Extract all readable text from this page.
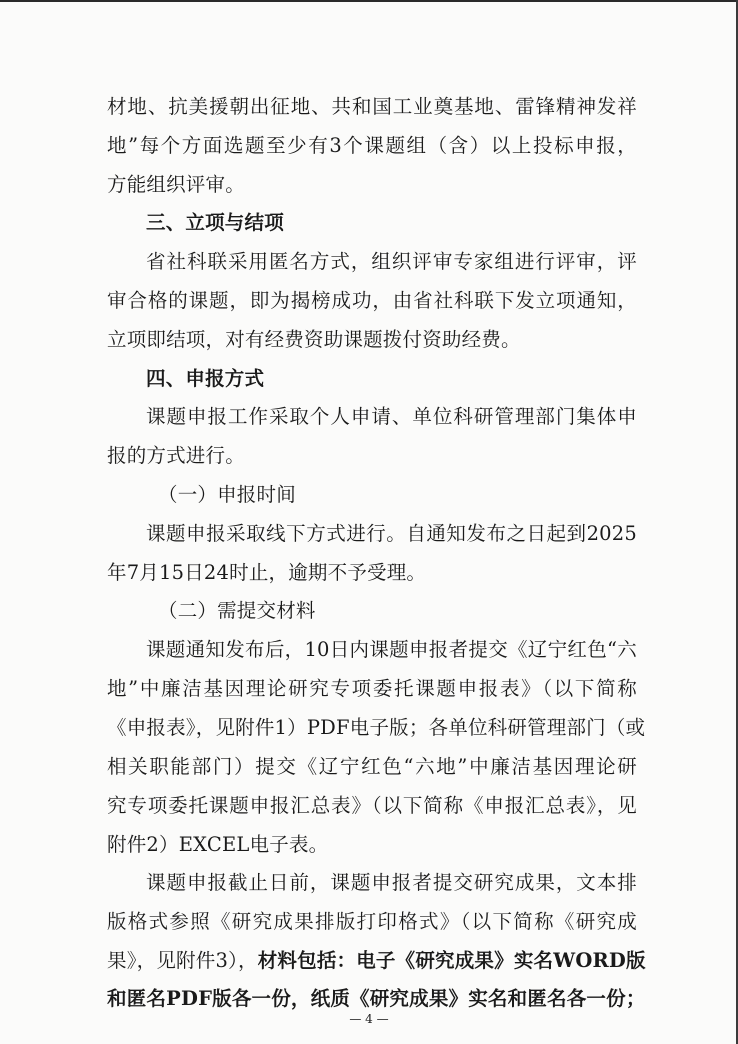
材地、抗美援朝出征地、共和国工业奠基地、雷锋精神发祥
地”每个方面选题至少有3个课题组（含）以上投标申报，
方能组织评审。
三、立项与结项
省社科联采用匿名方式，组织评审专家组进行评审，评
审合格的课题，即为揭榜成功，由省社科联下发立项通知，
立项即结项，对有经费资助课题拨付资助经费。
四、申报方式
课题申报工作采取个人申请、单位科研管理部门集体申
报的方式进行。
（一）申报时间
课题申报采取线下方式进行。自通知发布之日起到2025
年7月15日24时止，逾期不予受理。
（二）需提交材料
课题通知发布后，10日内课题申报者提交《辽宁红色“六
地”中廉洁基因理论研究专项委托课题申报表》（以下简称
《申报表》，见附件1）PDF电子版；各单位科研管理部门（或
相关职能部门）提交《辽宁红色“六地”中廉洁基因理论研
究专项委托课题申报汇总表》（以下简称《申报汇总表》，见
附件2）EXCEL电子表。
课题申报截止日前，课题申报者提交研究成果，文本排
版格式参照《研究成果排版打印格式》（以下简称《研究成
果》，见附件3），材料包括：电子《研究成果》实名WORD版
和匿名PDF版各一份，纸质《研究成果》实名和匿名各一份；
— 4 —
